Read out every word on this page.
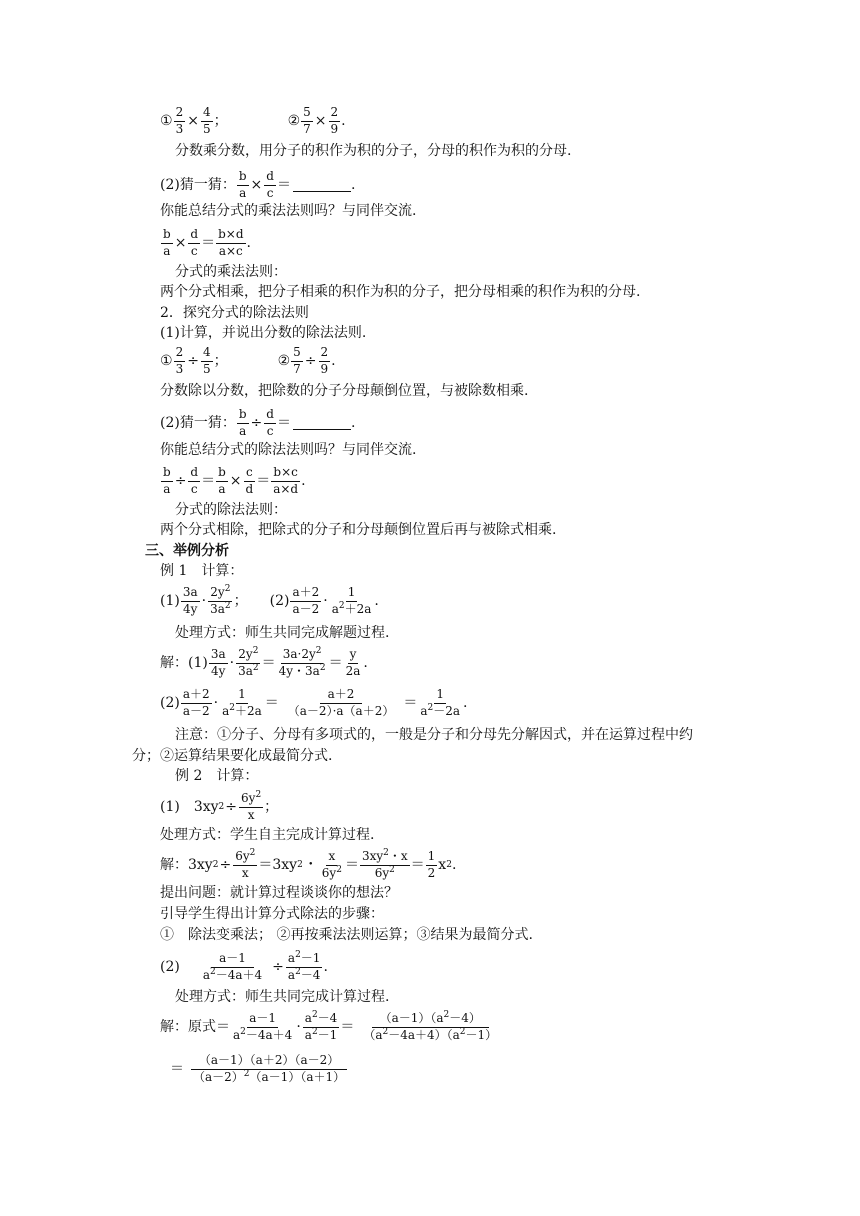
① $\frac{2}{3} \times \frac{4}{5}$ ；	② $\frac{5}{7} \times \frac{2}{9}$ .
分数乘分数，用分子的积作为积的分子，分母的积作为积的分母.
(2)猜一猜： $\frac{b}{a} \times \frac{d}{c}$ ＝	.
你能总结分式的乘法法则吗？与同伴交流.
$\frac{b}{a} \times \frac{d}{c} = \frac{b\times d}{a\times c}$ .
分式的乘法法则：
两个分式相乘，把分子相乘的积作为积的分子，把分母相乘的积作为积的分母.
2．探究分式的除法法则
(1)计算，并说出分数的除法法则.
① $\frac{2}{3} \div \frac{4}{5}$ ；	② $\frac{5}{7} \div \frac{2}{9}$ .
分数除以分数，把除数的分子分母颠倒位置，与被除数相乘.
(2)猜一猜： $\frac{b}{a} \div \frac{d}{c}$ ＝	.
你能总结分式的除法法则吗？与同伴交流.
$\frac{b}{a} \div \frac{d}{c} = \frac{b}{a} \times \frac{c}{d} = \frac{b\times c}{a\times d}$ .
分式的除法法则：
两个分式相除，把除式的分子和分母颠倒位置后再与被除式相乘.
三、举例分析
例 1　计算：
$(1) \frac{3a}{4y} \cdot \frac{2y^2}{3a^2}$ ； $(2) \frac{a+2}{a-2} \cdot \frac{1}{a^2+2a}$ .
处理方式：师生共同完成解题过程.
解：$(1) \frac{3a}{4y} \cdot \frac{2y^2}{3a^2} = \frac{3a\cdot 2y^2}{4y・3a^2} = \frac{y}{2a}$ .
$(2) \frac{a+2}{a-2} \cdot \frac{1}{a^2+2a} = \frac{a+2}{(a-2)\cdot a(a+2)} = \frac{1}{a^2-2a}$ .
注意：①分子、分母有多项式的，一般是分子和分母先分解因式，并在运算过程中约
分；②运算结果要化成最简分式.
例 2　计算：
(1)　3xy $2 \div \frac{6y^2}{x}$ ；
处理方式：学生自主完成计算过程.
解：3xy $2 \div \frac{6y^2}{x} =3xy$ 2 ・ $\frac{x}{6y^2} = \frac{3xy^2・x}{6y^2} = \frac{1}{2}$ x 2 .
提出问题：就计算过程谈谈你的想法？
引导学生得出计算分式除法的步骤：
①　除法变乘法； ②再按乘法法则运算；③结果为最简分式.
$(2) \frac{a-1}{a^2-4a+4} \div \frac{a^2-1}{a^2-4}$ .
处理方式：师生共同完成计算过程.
解：原式＝ $\frac{a-1}{a^2-4a+4} \cdot \frac{a^2-4}{a^2-1} = \frac{(a-1)(a^2-4)}{(a^2-4a+4)(a^2-1)}$
＝ $\frac{(a-1)(a+2)(a-2)}{(a-2)^2(a-1)(a+1)}$
